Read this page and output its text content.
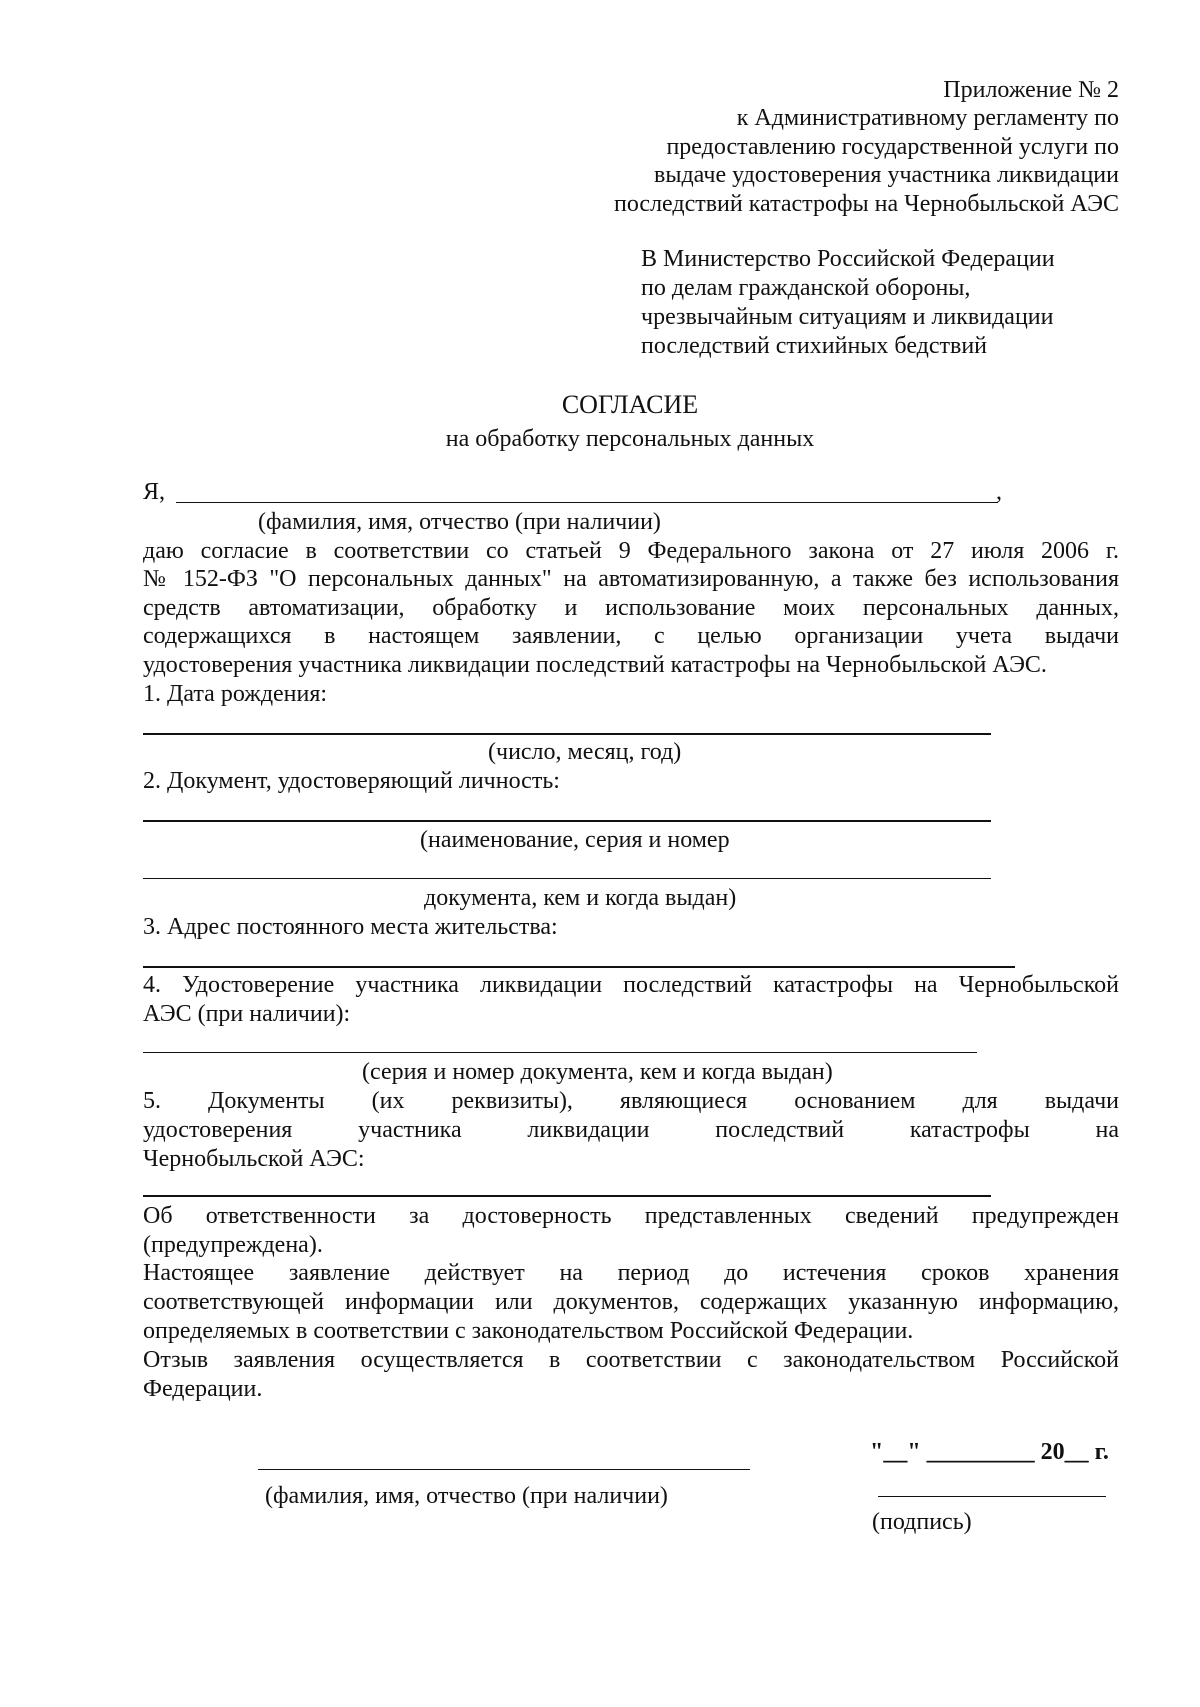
Приложение № 2

к Административному регламенту по

предоставлению государственной услуги по

выдаче удостоверения участника ликвидации

последствий катастрофы на Чернобыльской АЭС

В Министерство Российской Федерации

по делам гражданской обороны,

чрезвычайным ситуациям и ликвидации

последствий стихийных бедствий

СОГЛАСИЕ

на обработку персональных данных

Я,	,

(фамилия, имя, отчество (при наличии)

даю согласие в соответствии со статьей 9 Федерального закона от 27 июля 2006 г.

№ 152-ФЗ "О персональных данных" на автоматизированную, а также без использования

средств автоматизации, обработку и использование моих персональных данных,

содержащихся в настоящем заявлении, с целью организации учета выдачи

удостоверения участника ликвидации последствий катастрофы на Чернобыльской АЭС.

1. Дата рождения:

(число, месяц, год)

2. Документ, удостоверяющий личность:

(наименование, серия и номер

документа, кем и когда выдан)

3. Адрес постоянного места жительства:

4. Удостоверение участника ликвидации последствий катастрофы на Чернобыльской

АЭС (при наличии):

(серия и номер документа, кем и когда выдан)

5. Документы (их реквизиты), являющиеся основанием для выдачи

удостоверения участника ликвидации последствий катастрофы на

Чернобыльской АЭС:

Об ответственности за достоверность представленных сведений предупрежден

(предупреждена).

Настоящее заявление действует на период до истечения сроков хранения

соответствующей информации или документов, содержащих указанную информацию,

определяемых в соответствии с законодательством Российской Федерации.

Отзыв заявления осуществляется в соответствии с законодательством Российской

Федерации.

"__" _________ 20__ г.

(фамилия, имя, отчество (при наличии)

(подпись)
